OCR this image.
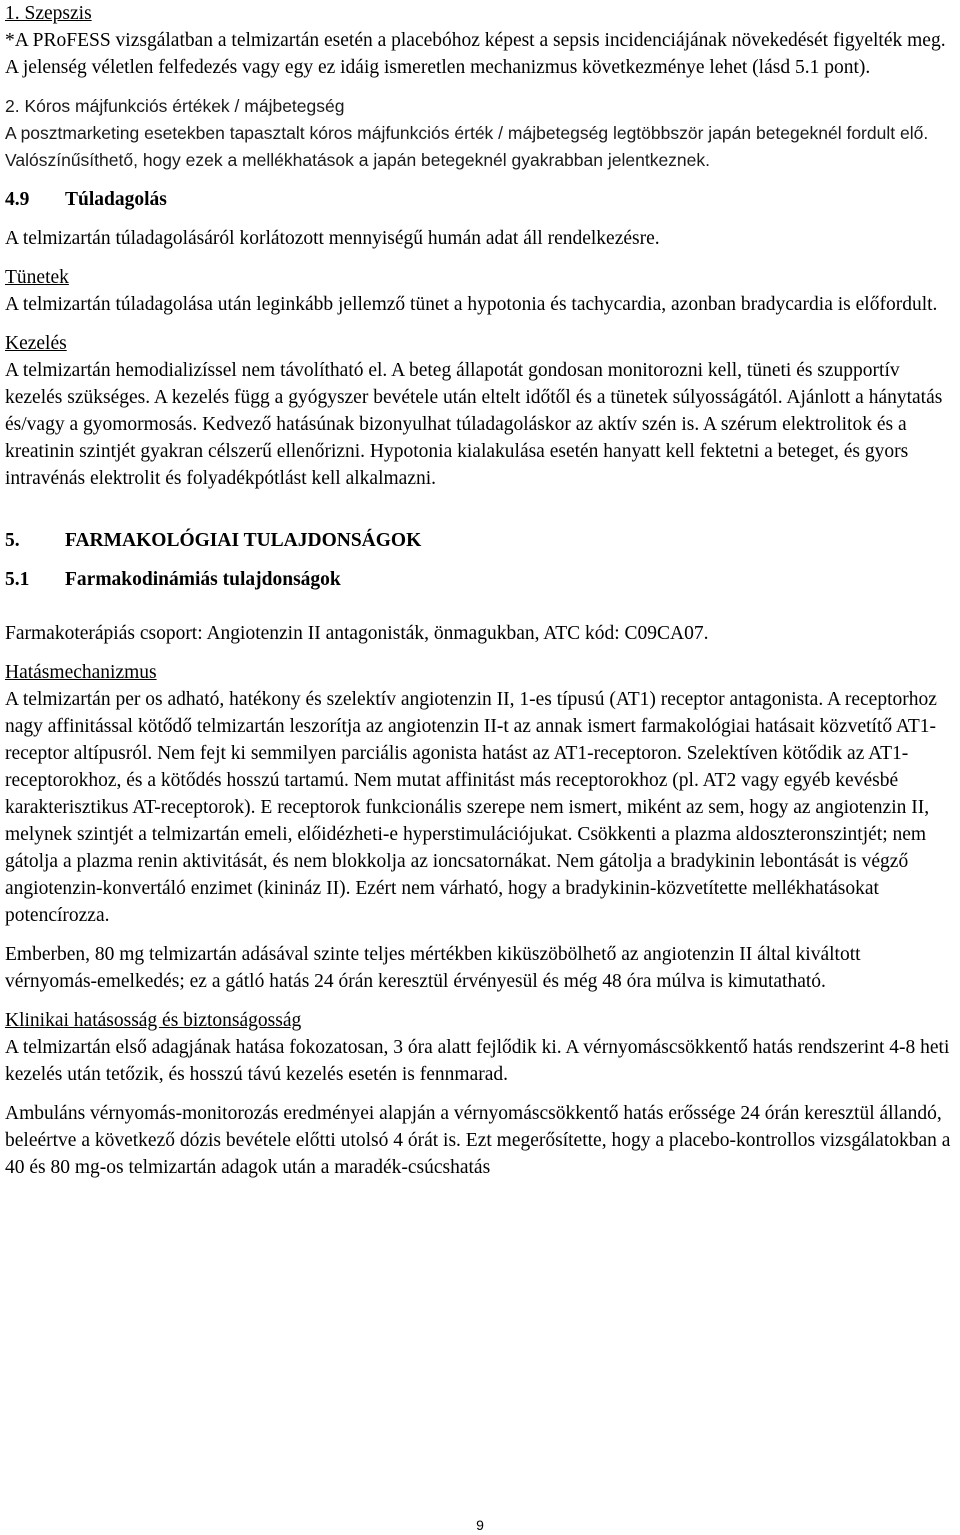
1. Szepszis

*A PRoFESS vizsgálatban a telmizartán esetén a placebóhoz képest a sepsis incidenciájának növekedését figyelték meg. A jelenség véletlen felfedezés vagy egy ez idáig ismeretlen mechanizmus következménye lehet (lásd 5.1 pont).

2. Kóros májfunkciós értékek / májbetegség

A posztmarketing esetekben tapasztalt kóros májfunkciós érték / májbetegség legtöbbször japán betegeknél fordult elő. Valószínűsíthető, hogy ezek a mellékhatások a japán betegeknél gyakrabban jelentkeznek.

4.9 Túladagolás

A telmizartán túladagolásáról korlátozott mennyiségű humán adat áll rendelkezésre.

Tünetek

A telmizartán túladagolása után leginkább jellemző tünet a hypotonia és tachycardia, azonban bradycardia is előfordult.

Kezelés

A telmizartán hemodializíssel nem távolítható el. A beteg állapotát gondosan monitorozni kell, tüneti és szupportív kezelés szükséges. A kezelés függ a gyógyszer bevétele után eltelt időtől és a tünetek súlyosságától. Ajánlott a hánytatás és/vagy a gyomormosás. Kedvező hatásúnak bizonyulhat túladagoláskor az aktív szén is. A szérum elektrolitok és a kreatinin szintjét gyakran célszerű ellenőrizni. Hypotonia kialakulása esetén hanyatt kell fektetni a beteget, és gyors intravénás elektrolit és folyadékpótlást kell alkalmazni.

5. FARMAKOLÓGIAI TULAJDONSÁGOK

5.1 Farmakodinámiás tulajdonságok

Farmakoterápiás csoport: Angiotenzin II antagonisták, önmagukban, ATC kód: C09CA07.

Hatásmechanizmus

A telmizartán per os adható, hatékony és szelektív angiotenzin II, 1-es típusú (AT1) receptor antagonista. A receptorhoz nagy affinitással kötődő telmizartán leszorítja az angiotenzin II-t az annak ismert farmakológiai hatásait közvetítő AT1-receptor altípusról. Nem fejt ki semmilyen parciális agonista hatást az AT1-receptoron. Szelektíven kötődik az AT1-receptorokhoz, és a kötődés hosszú tartamú. Nem mutat affinitást más receptorokhoz (pl. AT2 vagy egyéb kevésbé karakterisztikus AT-receptorok). E receptorok funkcionális szerepe nem ismert, miként az sem, hogy az angiotenzin II, melynek szintjét a telmizartán emeli, előidézheti-e hyperstimulációjukat. Csökkenti a plazma aldoszteronszintjét; nem gátolja a plazma renin aktivitását, és nem blokkolja az ioncsatornákat. Nem gátolja a bradykinin lebontását is végző angiotenzin-konvertáló enzimet (kinináz II). Ezért nem várható, hogy a bradykinin-közvetítette mellékhatásokat potencírozza.

Emberben, 80 mg telmizartán adásával szinte teljes mértékben kiküszöbölhető az angiotenzin II által kiváltott vérnyomás-emelkedés; ez a gátló hatás 24 órán keresztül érvényesül és még 48 óra múlva is kimutatható.

Klinikai hatásosság és biztonságosság

A telmizartán első adagjának hatása fokozatosan, 3 óra alatt fejlődik ki. A vérnyomáscsökkentő hatás rendszerint 4-8 heti kezelés után tetőzik, és hosszú távú kezelés esetén is fennmarad.

Ambuláns vérnyomás-monitorozás eredményei alapján a vérnyomáscsökkentő hatás erőssége 24 órán keresztül állandó, beleértve a következő dózis bevétele előtti utolsó 4 órát is. Ezt megerősítette, hogy a placebo-kontrollos vizsgálatokban a 40 és 80 mg-os telmizartán adagok után a maradék-csúcshatás

9
